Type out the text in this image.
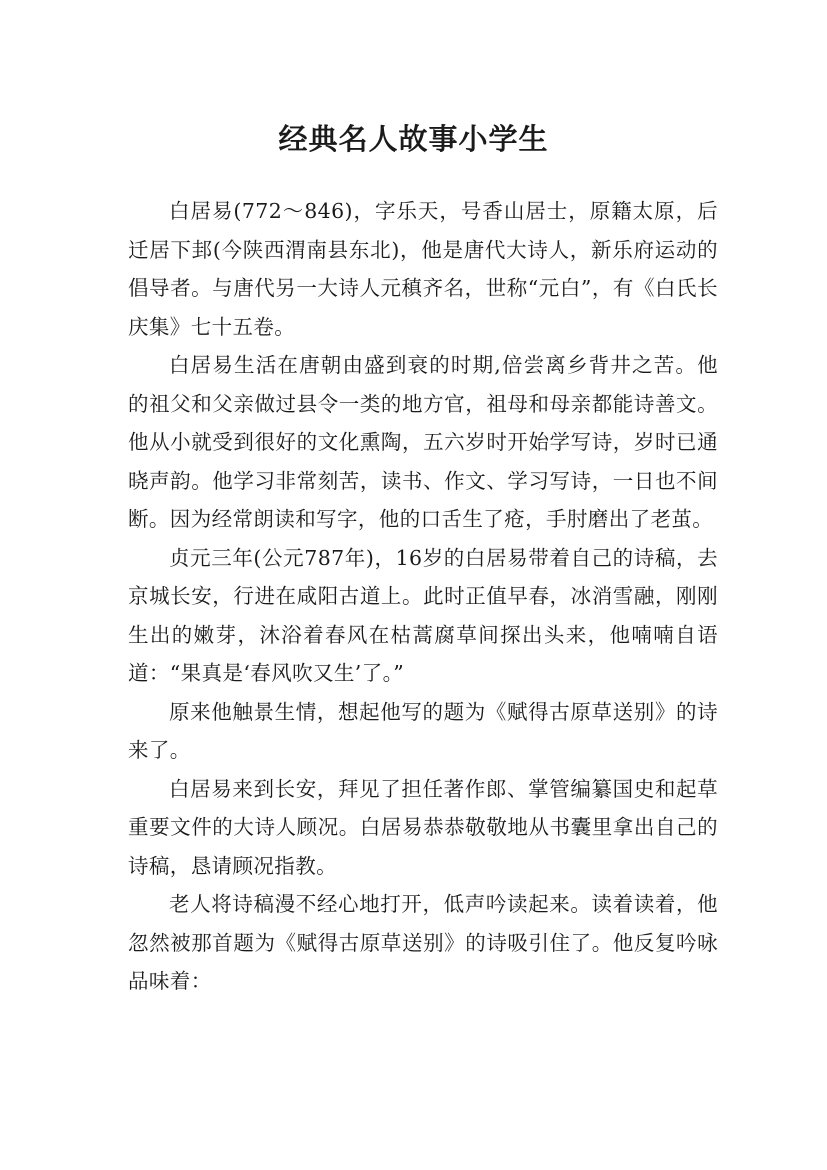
经典名人故事小学生

白居易(772～846)，字乐天，号香山居士，原籍太原，后迁居下邽(今陕西渭南县东北)，他是唐代大诗人，新乐府运动的倡导者。与唐代另一大诗人元稹齐名，世称“元白”，有《白氏长庆集》七十五卷。

白居易生活在唐朝由盛到衰的时期,倍尝离乡背井之苦。他的祖父和父亲做过县令一类的地方官，祖母和母亲都能诗善文。他从小就受到很好的文化熏陶，五六岁时开始学写诗，岁时已通晓声韵。他学习非常刻苦，读书、作文、学习写诗，一日也不间断。因为经常朗读和写字，他的口舌生了疮，手肘磨出了老茧。

贞元三年(公元787年)，16岁的白居易带着自己的诗稿，去京城长安，行进在咸阳古道上。此时正值早春，冰消雪融，刚刚生出的嫩芽，沐浴着春风在枯蒿腐草间探出头来，他喃喃自语道：“果真是‘春风吹又生’了。”

原来他触景生情，想起他写的题为《赋得古原草送别》的诗来了。

白居易来到长安，拜见了担任著作郎、掌管编纂国史和起草重要文件的大诗人顾况。白居易恭恭敬敬地从书囊里拿出自己的诗稿，恳请顾况指教。

老人将诗稿漫不经心地打开，低声吟读起来。读着读着，他忽然被那首题为《赋得古原草送别》的诗吸引住了。他反复吟咏品味着：
